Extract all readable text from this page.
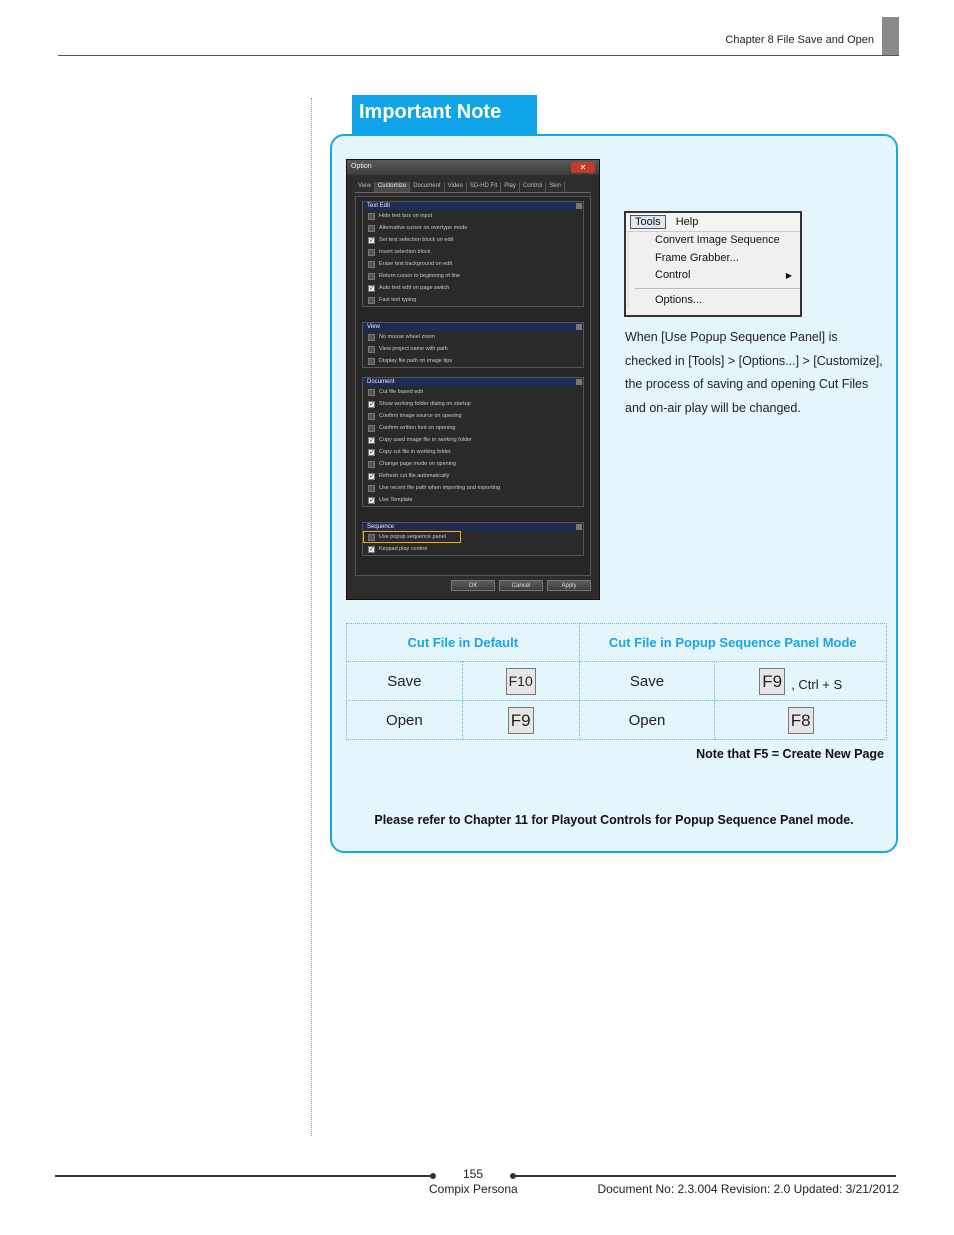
Chapter 8 File Save and Open
Important Note
Option	✕
View	Customize	Document	Video	SD-HD Fit	Play	Control	Skin
Text Edit
Hide text box on input
Alternative cursor on overtype mode
✓
Set text selection block on edit
Invert selection block
Erase text background on edit
Return cursor to beginning of line
✓
Auto text edit on page switch
Fast text typing
View
No mouse wheel zoom
View project name with path
Display file path on image tips
Document
Cut file based edit
✓
Show working folder dialog on startup
Confirm image source on opening
Confirm written font on opening
✓
Copy used image file in working folder
✓
Copy cut file in working folder
Change page mode on opening
✓
Refresh cut file automatically
Use recent file path when importing and exporting
✓
Use Template
Sequence
Use popup sequence panel
✓
Keypad play control
OK	Cancel	Apply
Tools	Help
Convert Image Sequence
Frame Grabber...
Control	▶
Options...

When [Use Popup Sequence Panel] is checked in [Tools] > [Options...] > [Customize], the process of saving and opening Cut Files and on-air play will be changed.

Cut File in Default		Cut File in Popup Sequence Panel Mode	
Save	F10	Save	F9 , Ctrl + S
Open	F9	Open	F8
Note that F5 = Create New Page
Please refer to Chapter 11 for Playout Controls for Popup Sequence Panel mode.
155
Compix Persona	Document No: 2.3.004 Revision: 2.0 Updated: 3/21/2012
